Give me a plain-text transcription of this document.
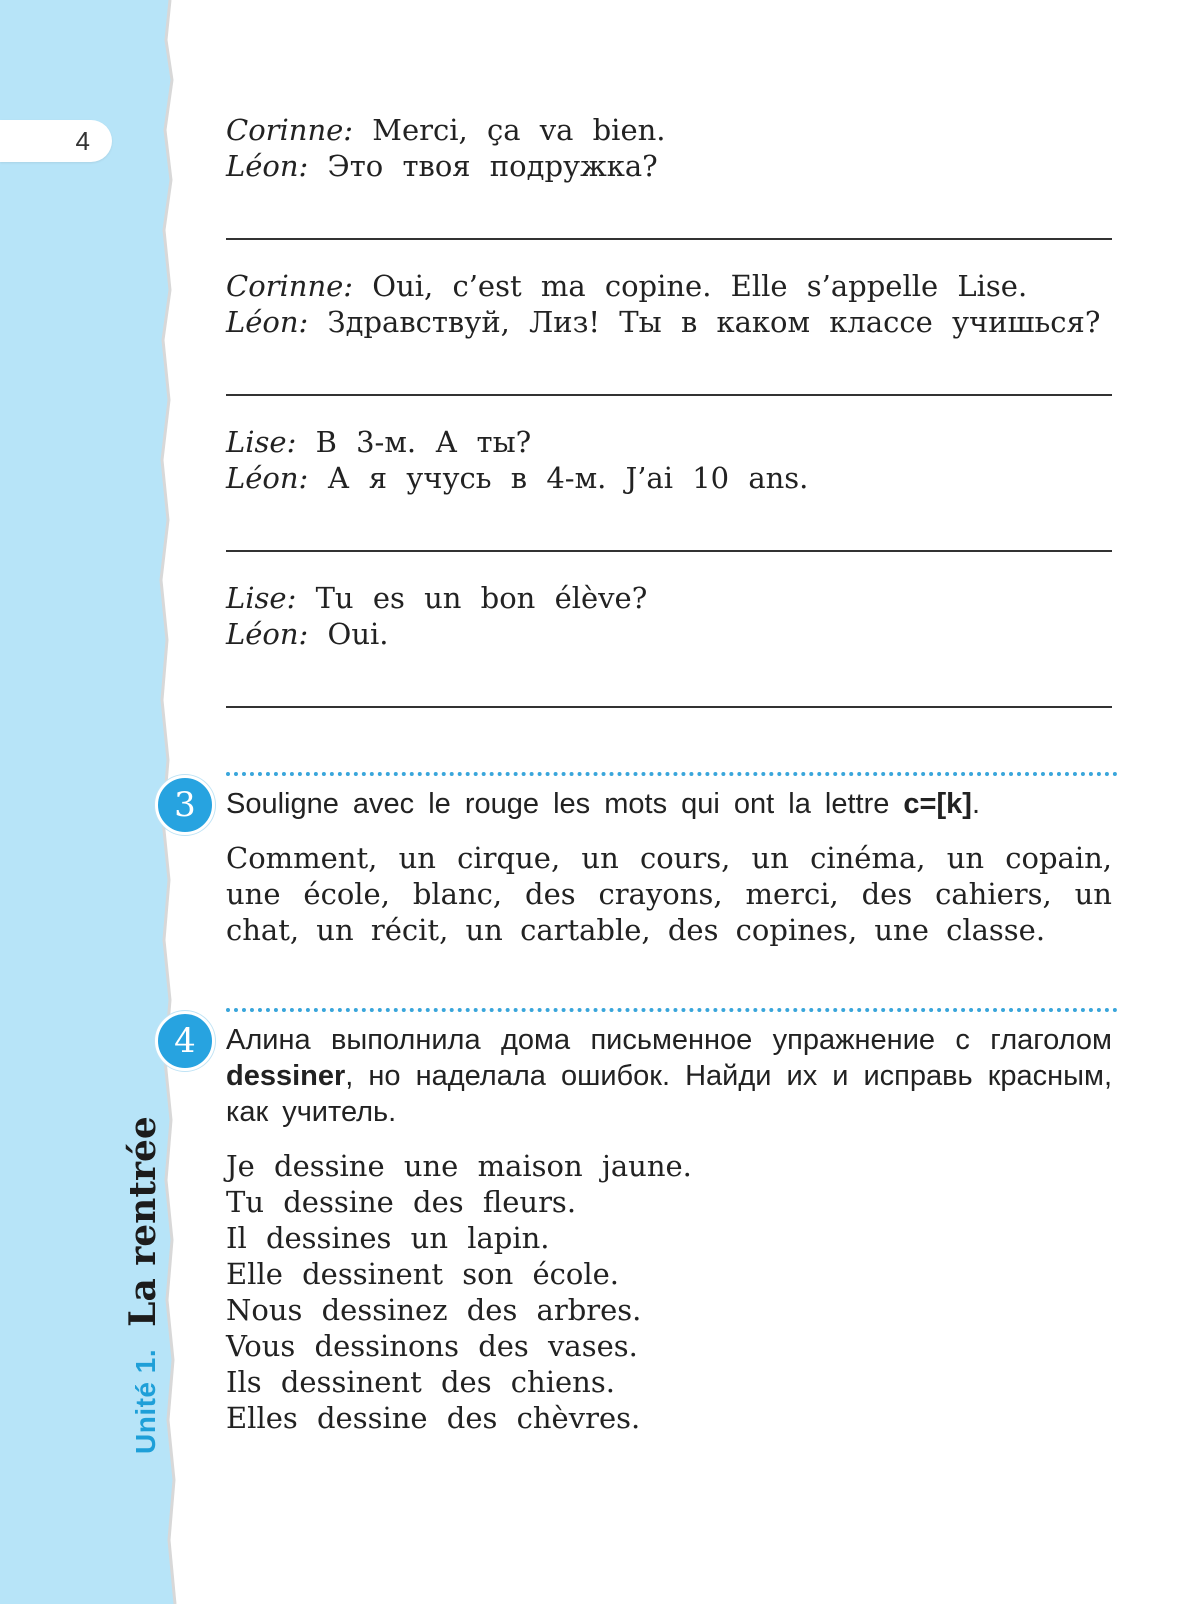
4
Unité 1.La rentrée
Corinne: Merci, ça va bien.
Léon: Это твоя подружка?
Corinne: Oui, c’est ma copine. Elle s’appelle Lise.
Léon: Здравствуй, Лиз! Ты в каком классе учишься?
Lise: В 3-м. А ты?
Léon: А я учусь в 4-м. J’ai 10 ans.
Lise: Tu es un bon élève?
Léon: Oui.
3	Souligne avec le rouge les mots qui ont la lettre c=[k].
Comment, un cirque, un cours, un cinéma, un copain, une école, blanc, des crayons, merci, des cahiers, un chat, un récit, un cartable, des copines, une classe.
4	Алина выполнила дома письменное упражнение с глаголом dessiner, но наделала ошибок. Найди их и исправь красным, как учитель.
Je dessine une maison jaune.
Tu dessine des fleurs.
Il dessines un lapin.
Elle dessinent son école.
Nous dessinez des arbres.
Vous dessinons des vases.
Ils dessinent des chiens.
Elles dessine des chèvres.
